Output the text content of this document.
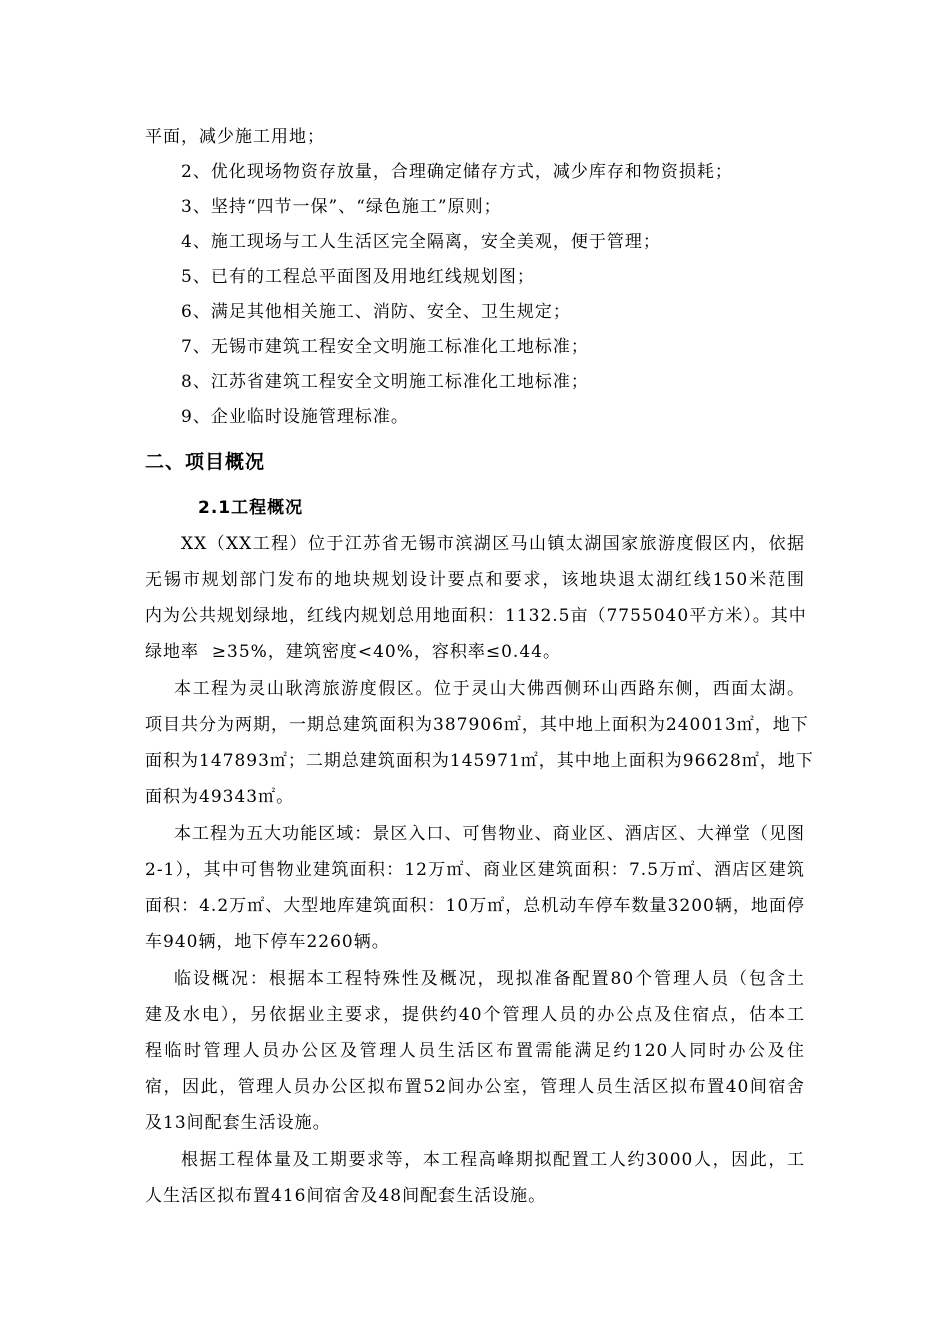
平面，减少施工用地；
2、优化现场物资存放量，合理确定储存方式，减少库存和物资损耗；
3、坚持“四节一保”、“绿色施工”原则；
4、施工现场与工人生活区完全隔离，安全美观，便于管理；
5、已有的工程总平面图及用地红线规划图；
6、满足其他相关施工、消防、安全、卫生规定；
7、无锡市建筑工程安全文明施工标准化工地标准；
8、江苏省建筑工程安全文明施工标准化工地标准；
9、企业临时设施管理标准。
二、项目概况
2.1工程概况
XX（XX工程）位于江苏省无锡市滨湖区马山镇太湖国家旅游度假区内，依据
无锡市规划部门发布的地块规划设计要点和要求，该地块退太湖红线150米范围
内为公共规划绿地，红线内规划总用地面积：1132.5亩（7755040平方米）。其中
绿地率  ≥35%，建筑密度<40%，容积率≤0.44。
本工程为灵山耿湾旅游度假区。位于灵山大佛西侧环山西路东侧，西面太湖。
项目共分为两期，一期总建筑面积为387906㎡，其中地上面积为240013㎡，地下
面积为147893㎡；二期总建筑面积为145971㎡，其中地上面积为96628㎡，地下
面积为49343㎡。
本工程为五大功能区域：景区入口、可售物业、商业区、酒店区、大禅堂（见图
2-1），其中可售物业建筑面积：12万㎡、商业区建筑面积：7.5万㎡、酒店区建筑
面积：4.2万㎡、大型地库建筑面积：10万㎡，总机动车停车数量3200辆，地面停
车940辆，地下停车2260辆。
临设概况：根据本工程特殊性及概况，现拟准备配置80个管理人员（包含土
建及水电），另依据业主要求，提供约40个管理人员的办公点及住宿点，估本工
程临时管理人员办公区及管理人员生活区布置需能满足约120人同时办公及住
宿，因此，管理人员办公区拟布置52间办公室，管理人员生活区拟布置40间宿舍
及13间配套生活设施。
根据工程体量及工期要求等，本工程高峰期拟配置工人约3000人，因此，工
人生活区拟布置416间宿舍及48间配套生活设施。
